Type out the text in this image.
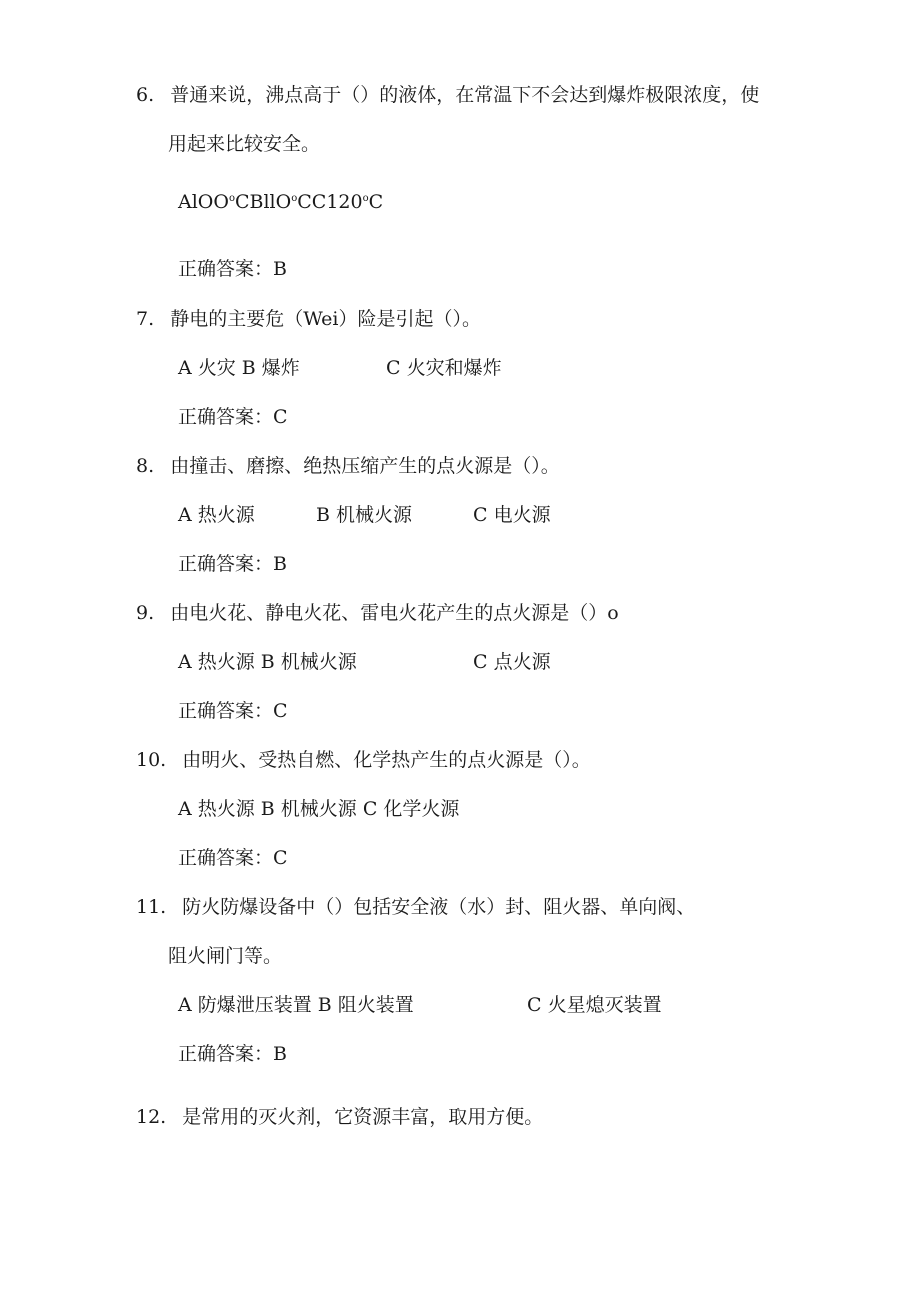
6. 普通来说，沸点高于（）的液体，在常温下不会达到爆炸极限浓度，使
用起来比较安全。
AlOO$^o$CBllO$^o$CC120$^o$C
正确答案：B
7. 静电的主要危（Wei）险是引起（）。
A 火灾 B 爆炸	C 火灾和爆炸
正确答案：C
8. 由撞击、磨擦、绝热压缩产生的点火源是（）。
A 热火源	B 机械火源	C 电火源
正确答案：B
9. 由电火花、静电火花、雷电火花产生的点火源是（）o
A 热火源 B 机械火源	C 点火源
正确答案：C
10. 由明火、受热自燃、化学热产生的点火源是（）。
A 热火源 B 机械火源 C 化学火源
正确答案：C
11. 防火防爆设备中（）包括安全液（水）封、阻火器、单向阀、
阻火闸门等。
A 防爆泄压装置 B 阻火装置	C 火星熄灭装置
正确答案：B
12. 是常用的灭火剂，它资源丰富，取用方便。
